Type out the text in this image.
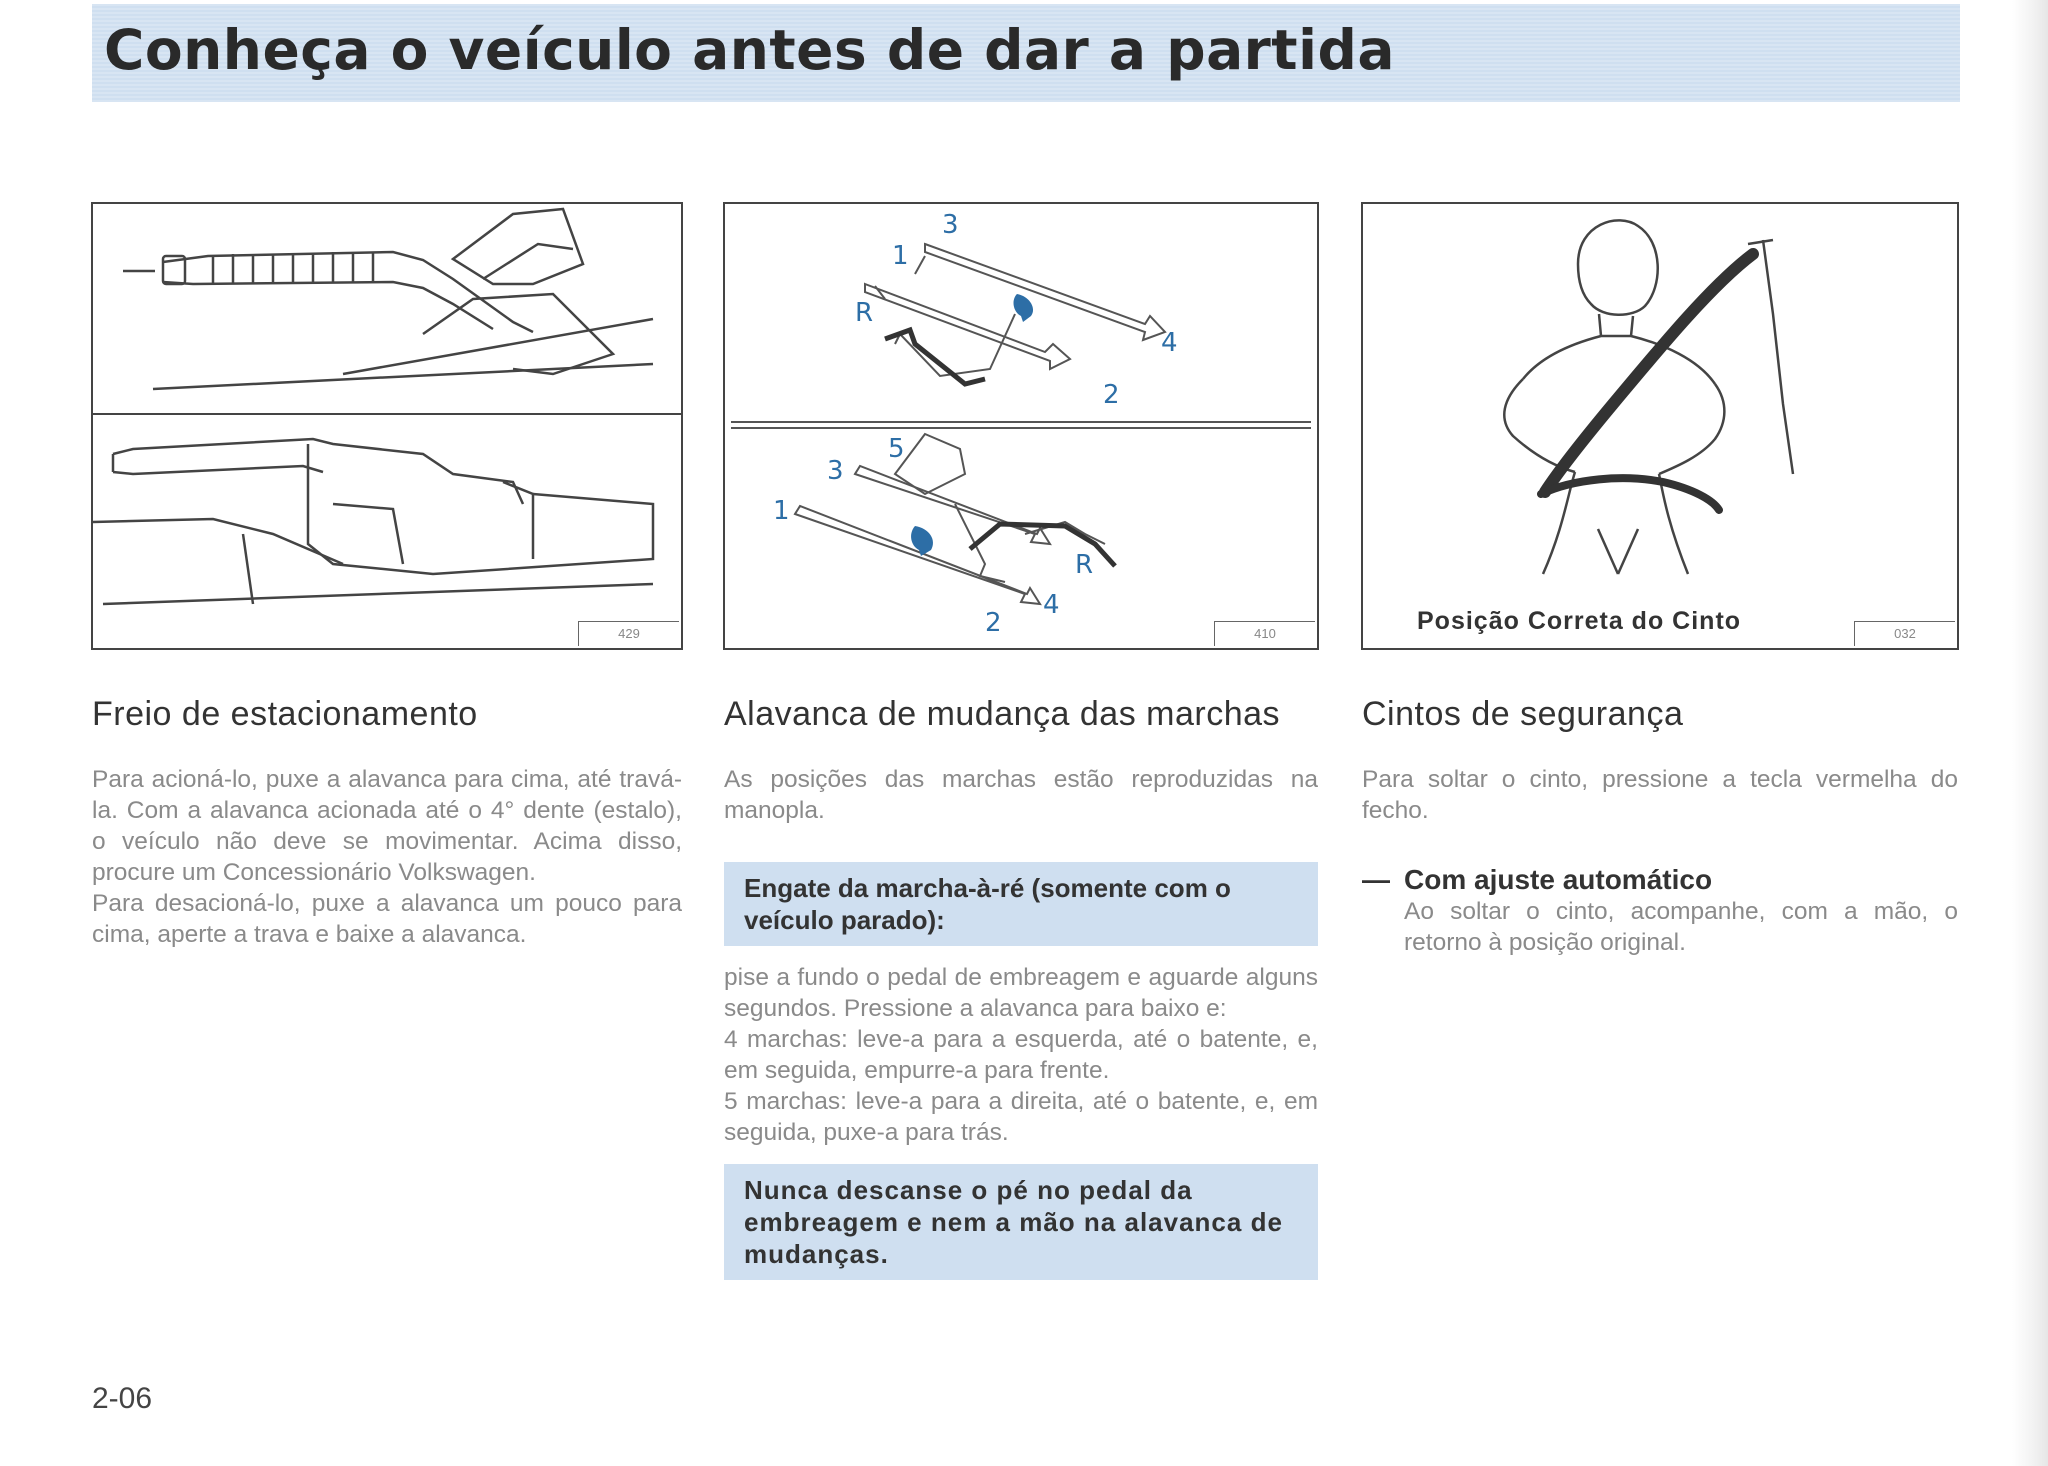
Conheça o veículo antes de dar a partida
429
3
1
R
4
2
5
3
1
R
4
2	410	Posição Correta do Cinto	032
Freio de estacionamento

Para acioná-lo, puxe a alavanca para cima, até travá-la. Com a alavanca acionada até o 4° dente (estalo), o veículo não deve se movimentar. Acima disso, procure um Concessionário Volkswagen.

Para desacioná-lo, puxe a alavanca um pouco para cima, aperte a trava e baixe a alavanca.

Alavanca de mudança das marchas

As posições das marchas estão reproduzidas na manopla.

Engate da marcha-à-ré (somente com o veículo parado):

pise a fundo o pedal de embreagem e aguarde alguns segundos. Pressione a alavanca para baixo e:

4 marchas: leve-a para a esquerda, até o batente, e, em seguida, empurre-a para frente.

5 marchas: leve-a para a direita, até o batente, e, em seguida, puxe-a para trás.

Nunca descanse o pé no pedal da embreagem e nem a mão na alavanca de mudanças.
Cintos de segurança

Para soltar o cinto, pressione a tecla vermelha do fecho.

— Com ajuste automático

Ao soltar o cinto, acompanhe, com a mão, o retorno à posição original.

2-06
